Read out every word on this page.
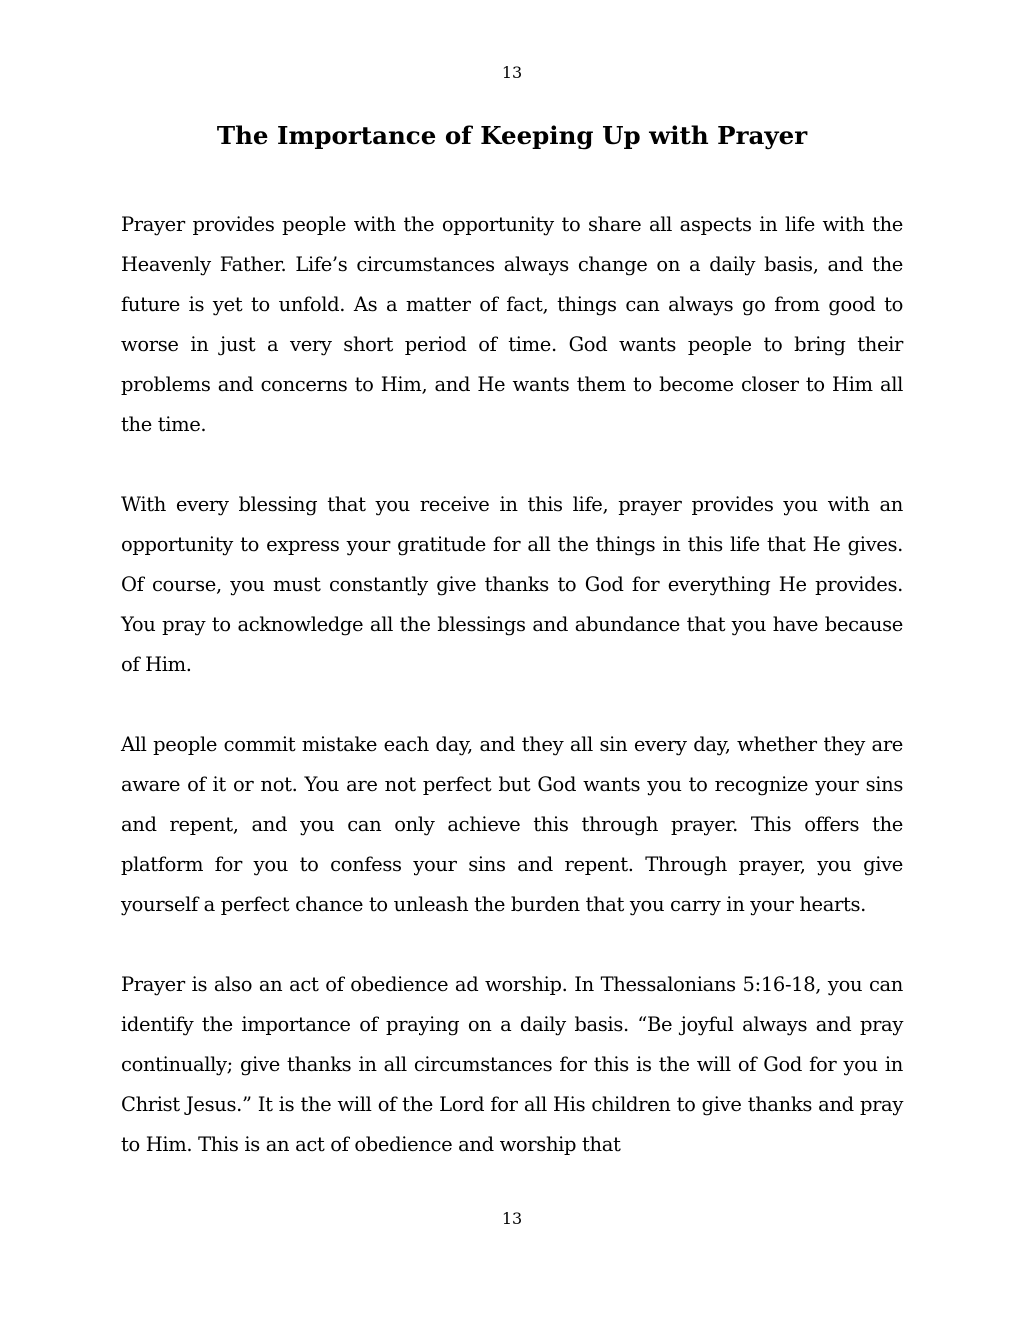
13
The Importance of Keeping Up with Prayer

Prayer provides people with the opportunity to share all aspects in life with the Heavenly Father. Life’s circumstances always change on a daily basis, and the future is yet to unfold. As a matter of fact, things can always go from good to worse in just a very short period of time. God wants people to bring their problems and concerns to Him, and He wants them to become closer to Him all the time.

With every blessing that you receive in this life, prayer provides you with an opportunity to express your gratitude for all the things in this life that He gives. Of course, you must constantly give thanks to God for everything He provides. You pray to acknowledge all the blessings and abundance that you have because of Him.

All people commit mistake each day, and they all sin every day, whether they are aware of it or not. You are not perfect but God wants you to recognize your sins and repent, and you can only achieve this through prayer. This offers the platform for you to confess your sins and repent. Through prayer, you give yourself a perfect chance to unleash the burden that you carry in your hearts.

Prayer is also an act of obedience ad worship. In Thessalonians 5:16-18, you can identify the importance of praying on a daily basis. “Be joyful always and pray continually; give thanks in all circumstances for this is the will of God for you in Christ Jesus.” It is the will of the Lord for all His children to give thanks and pray to Him. This is an act of obedience and worship that

13
